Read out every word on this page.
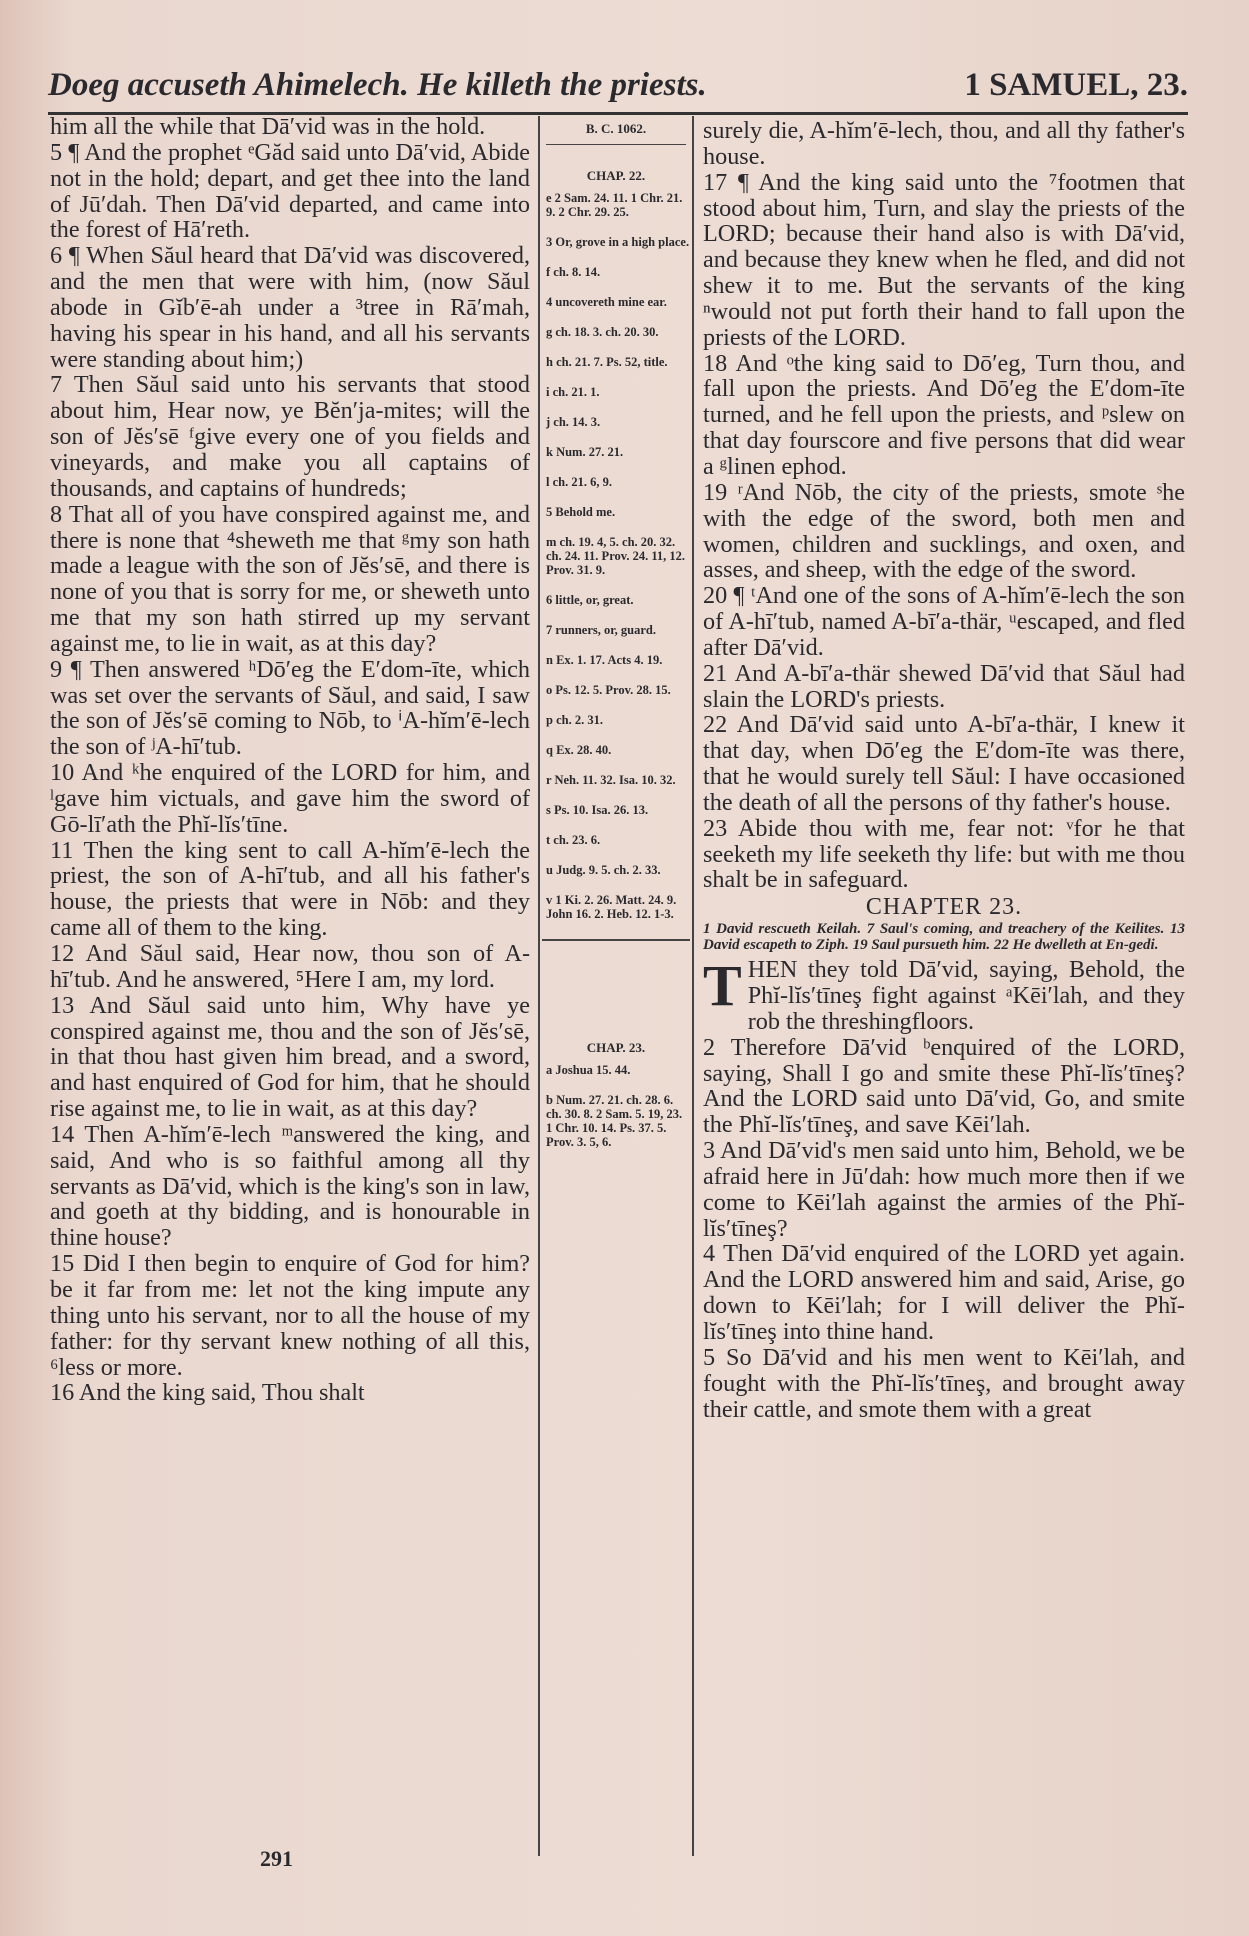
Doeg accuseth Ahimelech. He killeth the priests.	1 SAMUEL, 23.

him all the while that Dā′vid was in the hold.

5 ¶ And the prophet ᵉGăd said unto Dā′vid, Abide not in the hold; depart, and get thee into the land of Jū′dah. Then Dā′vid departed, and came into the forest of Hā′reth.

6 ¶ When Săul heard that Dā′vid was discovered, and the men that were with him, (now Săul abode in Gĭb′ē-ah under a ³tree in Rā′mah, having his spear in his hand, and all his servants were standing about him;)

7 Then Săul said unto his servants that stood about him, Hear now, ye Bĕn′ja-mites; will the son of Jĕs′sē ᶠgive every one of you fields and vineyards, and make you all captains of thousands, and captains of hundreds;

8 That all of you have conspired against me, and there is none that ⁴sheweth me that ᵍmy son hath made a league with the son of Jĕs′sē, and there is none of you that is sorry for me, or sheweth unto me that my son hath stirred up my servant against me, to lie in wait, as at this day?

9 ¶ Then answered ʰDō′eg the E′dom-īte, which was set over the servants of Săul, and said, I saw the son of Jĕs′sē coming to Nōb, to ⁱA-hĭm′ē-lech the son of ʲA-hī′tub.

10 And ᵏhe enquired of the LORD for him, and ˡgave him victuals, and gave him the sword of Gō-lī′ath the Phĭ-lĭs′tīne.

11 Then the king sent to call A-hĭm′ē-lech the priest, the son of A-hī′tub, and all his father's house, the priests that were in Nōb: and they came all of them to the king.

12 And Săul said, Hear now, thou son of A-hī′tub. And he answered, ⁵Here I am, my lord.

13 And Săul said unto him, Why have ye conspired against me, thou and the son of Jĕs′sē, in that thou hast given him bread, and a sword, and hast enquired of God for him, that he should rise against me, to lie in wait, as at this day?

14 Then A-hĭm′ē-lech ᵐanswered the king, and said, And who is so faithful among all thy servants as Dā′vid, which is the king's son in law, and goeth at thy bidding, and is honourable in thine house?

15 Did I then begin to enquire of God for him? be it far from me: let not the king impute any thing unto his servant, nor to all the house of my father: for thy servant knew nothing of all this, ⁶less or more.

16 And the king said, Thou shalt

B. C. 1062.
CHAP. 22.
e 2 Sam. 24. 11. 1 Chr. 21. 9. 2 Chr. 29. 25.
3 Or, grove in a high place.
f ch. 8. 14.
4 uncovereth mine ear.
g ch. 18. 3. ch. 20. 30.
h ch. 21. 7. Ps. 52, title.
i ch. 21. 1.
j ch. 14. 3.
k Num. 27. 21.
l ch. 21. 6, 9.
5 Behold me.
m ch. 19. 4, 5. ch. 20. 32. ch. 24. 11. Prov. 24. 11, 12. Prov. 31. 9.
6 little, or, great.
7 runners, or, guard.
n Ex. 1. 17. Acts 4. 19.
o Ps. 12. 5. Prov. 28. 15.
p ch. 2. 31.
q Ex. 28. 40.
r Neh. 11. 32. Isa. 10. 32.
s Ps. 10. Isa. 26. 13.
t ch. 23. 6.
u Judg. 9. 5. ch. 2. 33.
v 1 Ki. 2. 26. Matt. 24. 9. John 16. 2. Heb. 12. 1-3.
CHAP. 23.
a Joshua 15. 44.
b Num. 27. 21. ch. 28. 6. ch. 30. 8. 2 Sam. 5. 19, 23. 1 Chr. 10. 14. Ps. 37. 5. Prov. 3. 5, 6.

surely die, A-hĭm′ē-lech, thou, and all thy father's house.

17 ¶ And the king said unto the ⁷footmen that stood about him, Turn, and slay the priests of the LORD; because their hand also is with Dā′vid, and because they knew when he fled, and did not shew it to me. But the servants of the king ⁿwould not put forth their hand to fall upon the priests of the LORD.

18 And ᵒthe king said to Dō′eg, Turn thou, and fall upon the priests. And Dō′eg the E′dom-īte turned, and he fell upon the priests, and ᵖslew on that day fourscore and five persons that did wear a ᵍlinen ephod.

19 ʳAnd Nōb, the city of the priests, smote ˢhe with the edge of the sword, both men and women, children and sucklings, and oxen, and asses, and sheep, with the edge of the sword.

20 ¶ ᵗAnd one of the sons of A-hĭm′ē-lech the son of A-hī′tub, named A-bī′a-thär, ᵘescaped, and fled after Dā′vid.

21 And A-bī′a-thär shewed Dā′vid that Săul had slain the LORD's priests.

22 And Dā′vid said unto A-bī′a-thär, I knew it that day, when Dō′eg the E′dom-īte was there, that he would surely tell Săul: I have occasioned the death of all the persons of thy father's house.

23 Abide thou with me, fear not: ᵛfor he that seeketh my life seeketh thy life: but with me thou shalt be in safeguard.

CHAPTER 23.
1 David rescueth Keilah. 7 Saul's coming, and treachery of the Keilites. 13 David escapeth to Ziph. 19 Saul pursueth him. 22 He dwelleth at En-gedi.

THEN they told Dā′vid, saying, Behold, the Phĭ-lĭs′tīneş fight against ᵃKēi′lah, and they rob the threshingfloors.

2 Therefore Dā′vid ᵇenquired of the LORD, saying, Shall I go and smite these Phĭ-lĭs′tīneş? And the LORD said unto Dā′vid, Go, and smite the Phĭ-lĭs′tīneş, and save Kēi′lah.

3 And Dā′vid's men said unto him, Behold, we be afraid here in Jū′dah: how much more then if we come to Kēi′lah against the armies of the Phĭ-lĭs′tīneş?

4 Then Dā′vid enquired of the LORD yet again. And the LORD answered him and said, Arise, go down to Kēi′lah; for I will deliver the Phĭ-lĭs′tīneş into thine hand.

5 So Dā′vid and his men went to Kēi′lah, and fought with the Phĭ-lĭs′tīneş, and brought away their cattle, and smote them with a great

291
